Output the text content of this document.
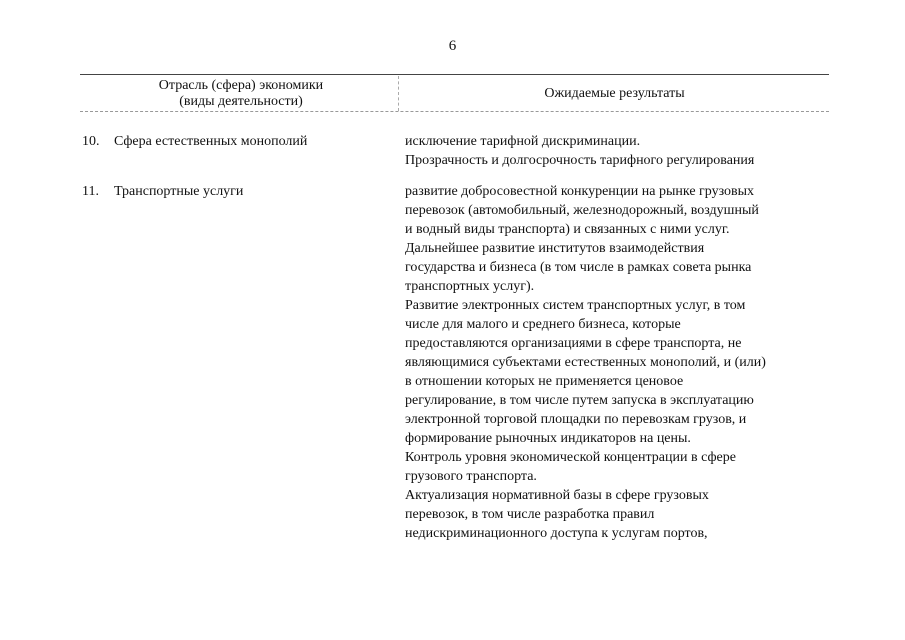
6
Отрасль (сфера) экономики
(виды деятельности)
Ожидаемые результаты
10. Сфера естественных монополий	исключение тарифной дискриминации.

Прозрачность и долгосрочность тарифного регулирования

11. Транспортные услуги	развитие добросовестной конкуренции на рынке грузовых

перевозок (автомобильный, железнодорожный, воздушный

и водный виды транспорта) и связанных с ними услуг.

Дальнейшее развитие институтов взаимодействия

государства и бизнеса (в том числе в рамках совета рынка

транспортных услуг).

Развитие электронных систем транспортных услуг, в том

числе для малого и среднего бизнеса, которые

предоставляются организациями в сфере транспорта, не

являющимися субъектами естественных монополий, и (или)

в отношении которых не применяется ценовое

регулирование, в том числе путем запуска в эксплуатацию

электронной торговой площадки по перевозкам грузов, и

формирование рыночных индикаторов на цены.

Контроль уровня экономической концентрации в сфере

грузового транспорта.

Актуализация нормативной базы в сфере грузовых

перевозок, в том числе разработка правил

недискриминационного доступа к услугам портов,
